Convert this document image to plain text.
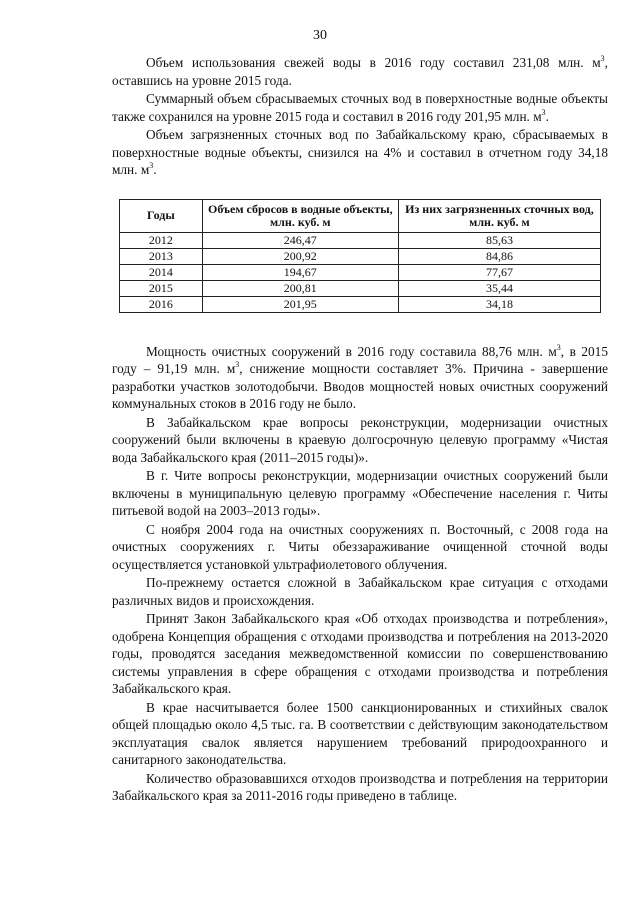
30

Объем использования свежей воды в 2016 году составил 231,08 млн. $м^3$, оставшись на уровне 2015 года.

Суммарный объем сбрасываемых сточных вод в поверхностные водные объекты также сохранился на уровне 2015 года и составил в 2016 году 201,95 млн. $м^3$.

Объем загрязненных сточных вод по Забайкальскому краю, сбрасываемых в поверхностные водные объекты, снизился на 4% и составил в отчетном году 34,18 млн. $м^3$.

Годы	Объем сбросов в водные объекты, млн. куб. м	Из них загрязненных сточных вод, млн. куб. м
2012	246,47	85,63
2013	200,92	84,86
2014	194,67	77,67
2015	200,81	35,44
2016	201,95	34,18

Мощность очистных сооружений в 2016 году составила 88,76 млн. $м^3$, в 2015 году – 91,19 млн. $м^3$, снижение мощности составляет 3%. Причина - завершение разработки участков золотодобычи. Вводов мощностей новых очистных сооружений коммунальных стоков в 2016 году не было.

В Забайкальском крае вопросы реконструкции, модернизации очистных сооружений были включены в краевую долгосрочную целевую программу «Чистая вода Забайкальского края (2011–2015 годы)».

В г. Чите вопросы реконструкции, модернизации очистных сооружений были включены в муниципальную целевую программу «Обеспечение населения г. Читы питьевой водой на 2003–2013 годы».

С ноября 2004 года на очистных сооружениях п. Восточный, с 2008 года на очистных сооружениях г. Читы обеззараживание очищенной сточной воды осуществляется установкой ультрафиолетового облучения.

По-прежнему остается сложной в Забайкальском крае ситуация с отходами различных видов и происхождения.

Принят Закон Забайкальского края «Об отходах производства и потребления», одобрена Концепция обращения с отходами производства и потребления на 2013-2020 годы, проводятся заседания межведомственной комиссии по совершенствованию системы управления в сфере обращения с отходами производства и потребления Забайкальского края.

В крае насчитывается более 1500 санкционированных и стихийных свалок общей площадью около 4,5 тыс. га. В соответствии с действующим законодательством эксплуатация свалок является нарушением требований природоохранного и санитарного законодательства.

Количество образовавшихся отходов производства и потребления на территории Забайкальского края за 2011-2016 годы приведено в таблице.
